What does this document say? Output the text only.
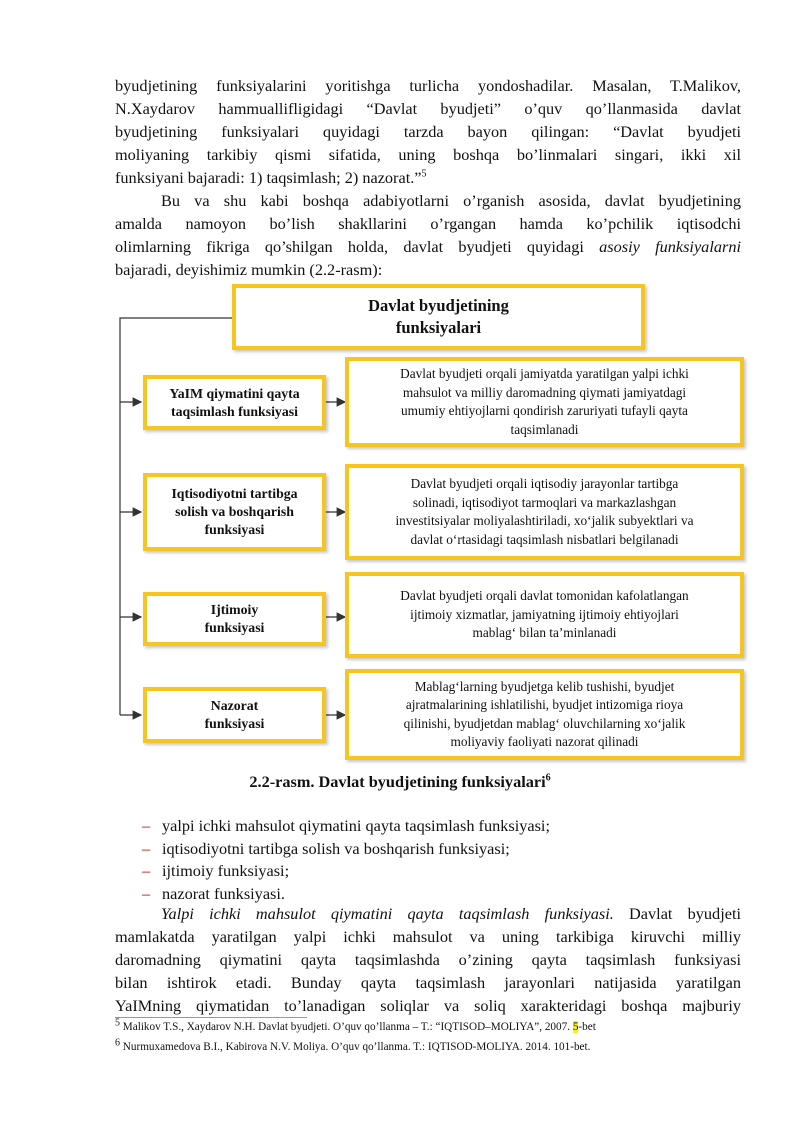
byudjetining funksiyalarini yoritishga turlicha yondoshadilar. Masalan, T.Malikov,
N.Xaydarov hammuallifligidagi “Davlat byudjeti” o’quv qo’llanmasida davlat
byudjetining funksiyalari quyidagi tarzda bayon qilingan: “Davlat byudjeti
moliyaning tarkibiy qismi sifatida, uning boshqa bo’linmalari singari, ikki xil
funksiyani bajaradi: 1) taqsimlash; 2) nazorat.”$^5$
Bu va shu kabi boshqa adabiyotlarni o’rganish asosida, davlat byudjetining
amalda namoyon bo’lish shakllarini o’rgangan hamda ko’pchilik iqtisodchi
olimlarning fikriga qo’shilgan holda, davlat byudjeti quyidagi asosiy funksiyalarni
bajaradi, deyishimiz mumkin (2.2-rasm):
Davlat byudjetining
funksiyalari
YaIM qiymatini qayta
taqsimlash funksiyasi
Davlat byudjeti orqali jamiyatda yaratilgan yalpi ichki
mahsulot va milliy daromadning qiymati jamiyatdagi
umumiy ehtiyojlarni qondirish zaruriyati tufayli qayta
taqsimlanadi
Iqtisodiyotni tartibga
solish va boshqarish
funksiyasi
Davlat byudjeti orqali iqtisodiy jarayonlar tartibga
solinadi, iqtisodiyot tarmoqlari va markazlashgan
investitsiyalar moliyalashtiriladi, xo‘jalik subyektlari va
davlat o‘rtasidagi taqsimlash nisbatlari belgilanadi
Ijtimoiy
funksiyasi
Davlat byudjeti orqali davlat tomonidan kafolatlangan
ijtimoiy xizmatlar, jamiyatning ijtimoiy ehtiyojlari
mablag‘ bilan ta’minlanadi
Nazorat
funksiyasi
Mablag‘larning byudjetga kelib tushishi, byudjet
ajratmalarining ishlatilishi, byudjet intizomiga rioya
qilinishi, byudjetdan mablag‘ oluvchilarning xo‘jalik
moliyaviy faoliyati nazorat qilinadi
2.2-rasm. Davlat byudjetining funksiyalari$^6$
– yalpi ichki mahsulot qiymatini qayta taqsimlash funksiyasi;
– iqtisodiyotni tartibga solish va boshqarish funksiyasi;
– ijtimoiy funksiyasi;
– nazorat funksiyasi.
Yalpi ichki mahsulot qiymatini qayta taqsimlash funksiyasi. Davlat byudjeti
mamlakatda yaratilgan yalpi ichki mahsulot va uning tarkibiga kiruvchi milliy
daromadning qiymatini qayta taqsimlashda o’zining qayta taqsimlash funksiyasi
bilan ishtirok etadi. Bunday qayta taqsimlash jarayonlari natijasida yaratilgan
YaIMning qiymatidan to’lanadigan soliqlar va soliq xarakteridagi boshqa majburiy
$^5$ Malikov T.S., Xaydarov N.H. Davlat byudjeti. O’quv qo’llanma – T.: “IQTISOD–MOLIYA”, 2007. 5-bet
$^6$ Nurmuxamedova B.I., Kabirova N.V. Moliya. O’quv qo’llanma. T.: IQTISOD-MOLIYA. 2014. 101-bet.
